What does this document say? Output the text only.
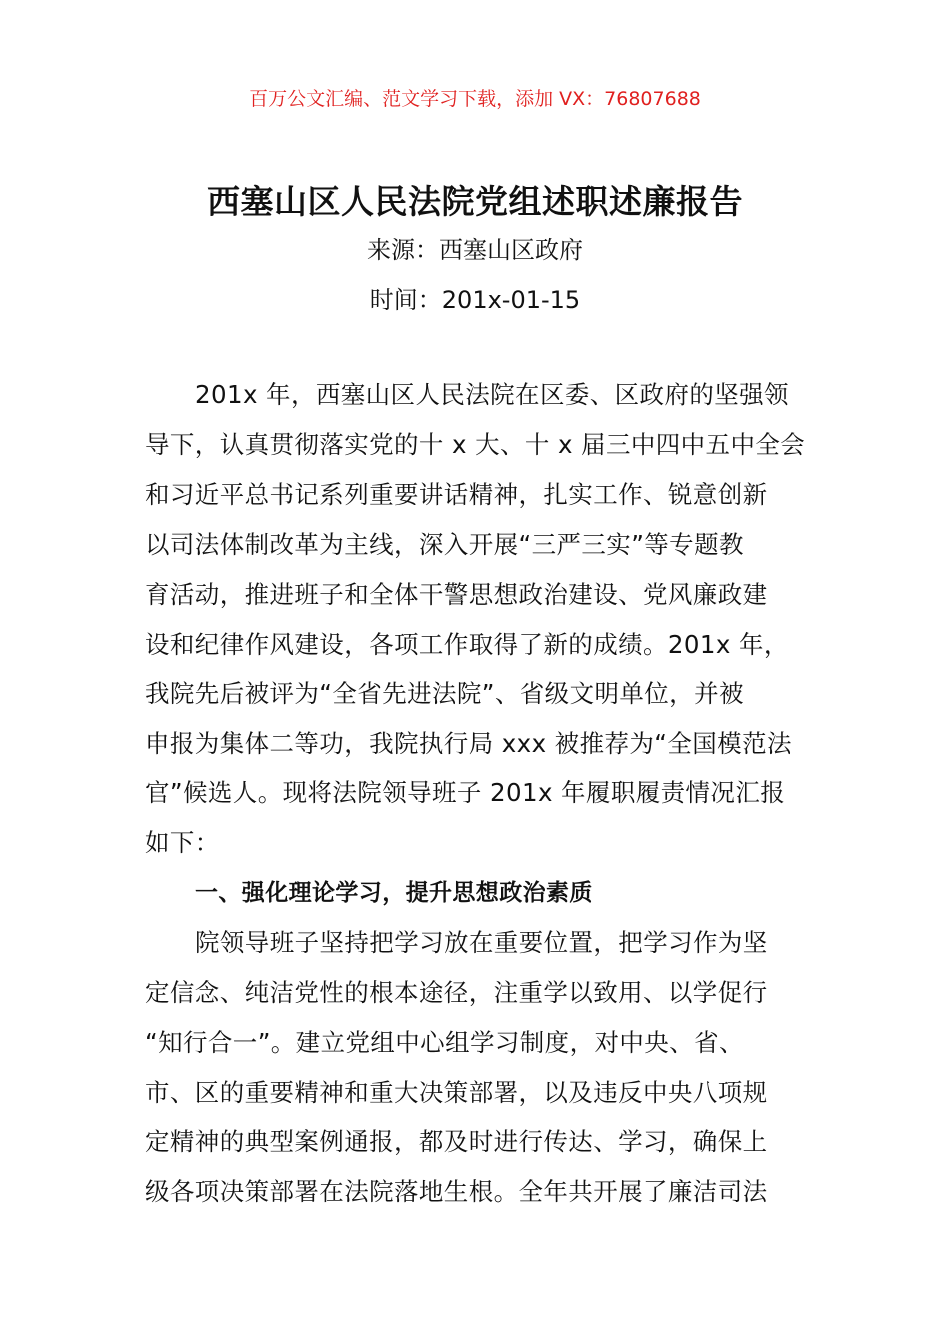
百万公文汇编、范文学习下载，添加 VX：76807688
西塞山区人民法院党组述职述廉报告
来源：西塞山区政府
时间：201x-01-15
201x 年，西塞山区人民法院在区委、区政府的坚强领
导下，认真贯彻落实党的十 x 大、十 x 届三中四中五中全会
和习近平总书记系列重要讲话精神，扎实工作、锐意创新
以司法体制改革为主线，深入开展“三严三实”等专题教
育活动，推进班子和全体干警思想政治建设、党风廉政建
设和纪律作风建设，各项工作取得了新的成绩。201x 年，
我院先后被评为“全省先进法院”、省级文明单位，并被
申报为集体二等功，我院执行局 xxx 被推荐为“全国模范法
官”候选人。现将法院领导班子 201x 年履职履责情况汇报
如下：
一、强化理论学习，提升思想政治素质
院领导班子坚持把学习放在重要位置，把学习作为坚
定信念、纯洁党性的根本途径，注重学以致用、以学促行
“知行合一”。建立党组中心组学习制度，对中央、省、
市、区的重要精神和重大决策部署，以及违反中央八项规
定精神的典型案例通报，都及时进行传达、学习，确保上
级各项决策部署在法院落地生根。全年共开展了廉洁司法
